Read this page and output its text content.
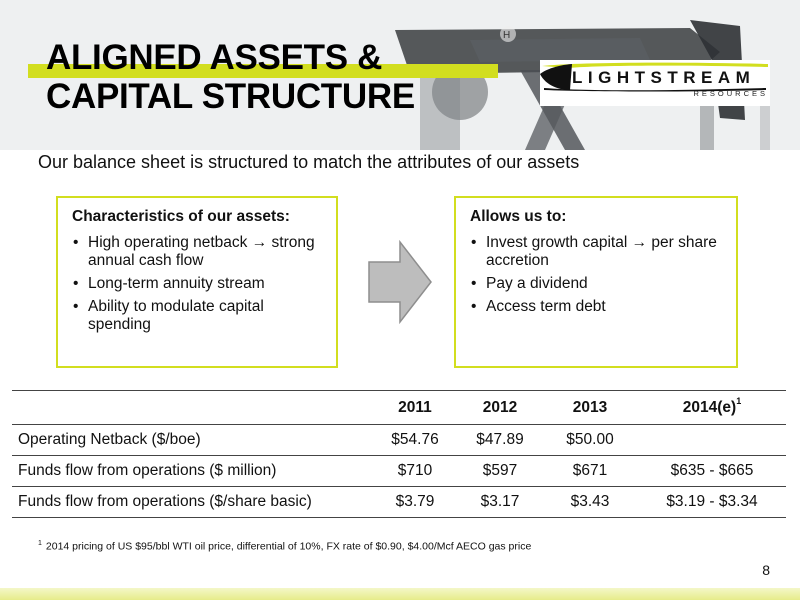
H
ALIGNED ASSETS &
CAPITAL STRUCTURE	LIGHTSTREAM
RESOURCES
Our balance sheet is structured to match the attributes of our assets
Characteristics of our assets:
• High operating netback → strong annual cash flow
• Long-term annuity stream
• Ability to modulate capital spending
Allows us to:
• Invest growth capital → per share accretion
• Pay a dividend
• Access term debt
	2011	2012	2013	$2014(e)^1$
Operating Netback ($/boe)	$54.76	$47.89	$50.00	
Funds flow from operations ($ million)	$710	$597	$671	$635 - $665
Funds flow from operations ($/share basic)	$3.79	$3.17	$3.43	$3.19 - $3.34
$^1$ 2014 pricing of US $95/bbl WTI oil price, differential of 10%, FX rate of $0.90, $4.00/Mcf AECO gas price
8
